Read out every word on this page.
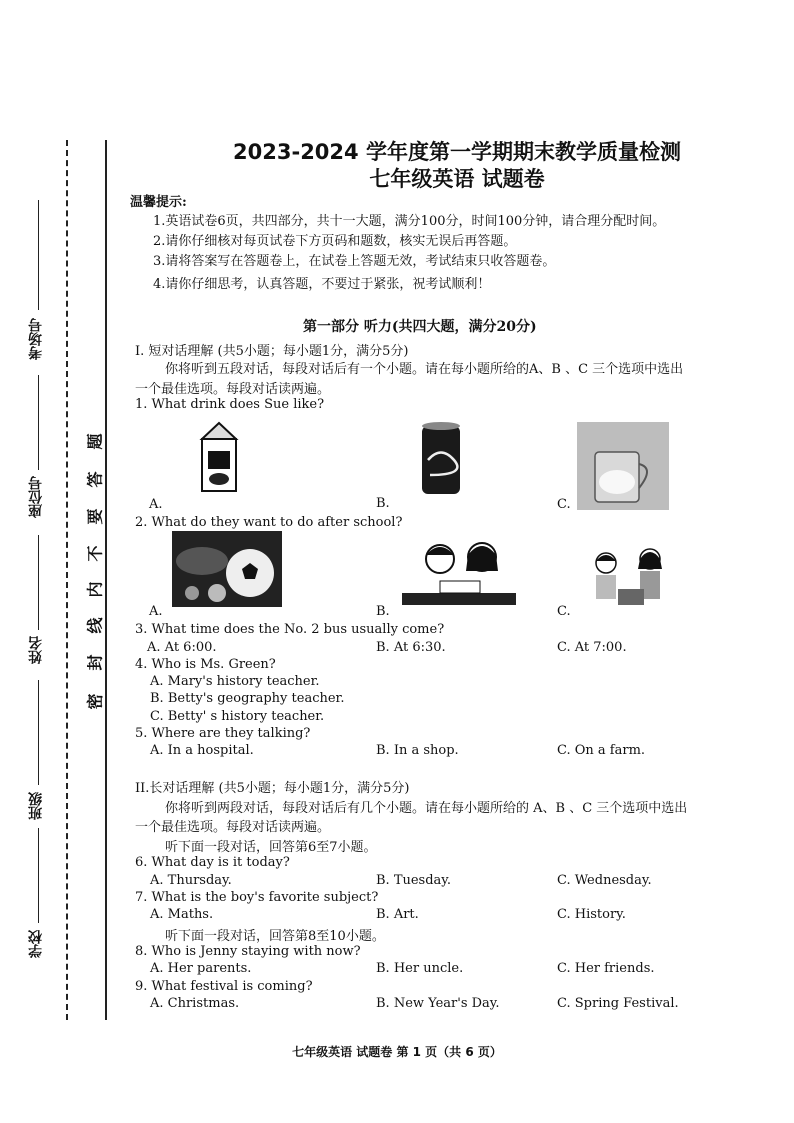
考场号
座位号
姓名
班级
学校
密
封
线
内
不
要
答
题
2023-2024 学年度第一学期期末教学质量检测
七年级英语 试题卷
温馨提示:
1.英语试卷6页，共四部分，共十一大题，满分100分，时间100分钟，请合理分配时间。
2.请你仔细核对每页试卷下方页码和题数，核实无误后再答题。
3.请将答案写在答题卷上，在试卷上答题无效，考试结束只收答题卷。
4.请你仔细思考，认真答题，不要过于紧张，祝考试顺利！
第一部分 听力(共四大题，满分20分)
I. 短对话理解 (共5小题；每小题1分，满分5分)
你将听到五段对话，每段对话后有一个小题。请在每小题所给的A、B 、C 三个选项中选出
一个最佳选项。每段对话读两遍。
1. What drink does Sue like?
A.	B.	C.
2. What do they want to do after school?
A.	B.	C.
3. What time does the No. 2 bus usually come?
A. At 6:00.	B. At 6:30.	C. At 7:00.
4. Who is Ms. Green?
A. Mary's history teacher.
B. Betty's geography teacher.
C. Betty' s history teacher.
5. Where are they talking?
A. In a hospital.	B. In a shop.	C. On a farm.
II.长对话理解 (共5小题；每小题1分，满分5分)
你将听到两段对话，每段对话后有几个小题。请在每小题所给的 A、B 、C 三个选项中选出
一个最佳选项。每段对话读两遍。
听下面一段对话，回答第6至7小题。
6. What day is it today?
A. Thursday.	B. Tuesday.	C. Wednesday.
7. What is the boy's favorite subject?
A. Maths.	B. Art.	C. History.
听下面一段对话，回答第8至10小题。
8. Who is Jenny staying with now?
A. Her parents.	B. Her uncle.	C. Her friends.
9. What festival is coming?
A. Christmas.	B. New Year's Day.	C. Spring Festival.
七年级英语 试题卷 第 1 页（共 6 页）
